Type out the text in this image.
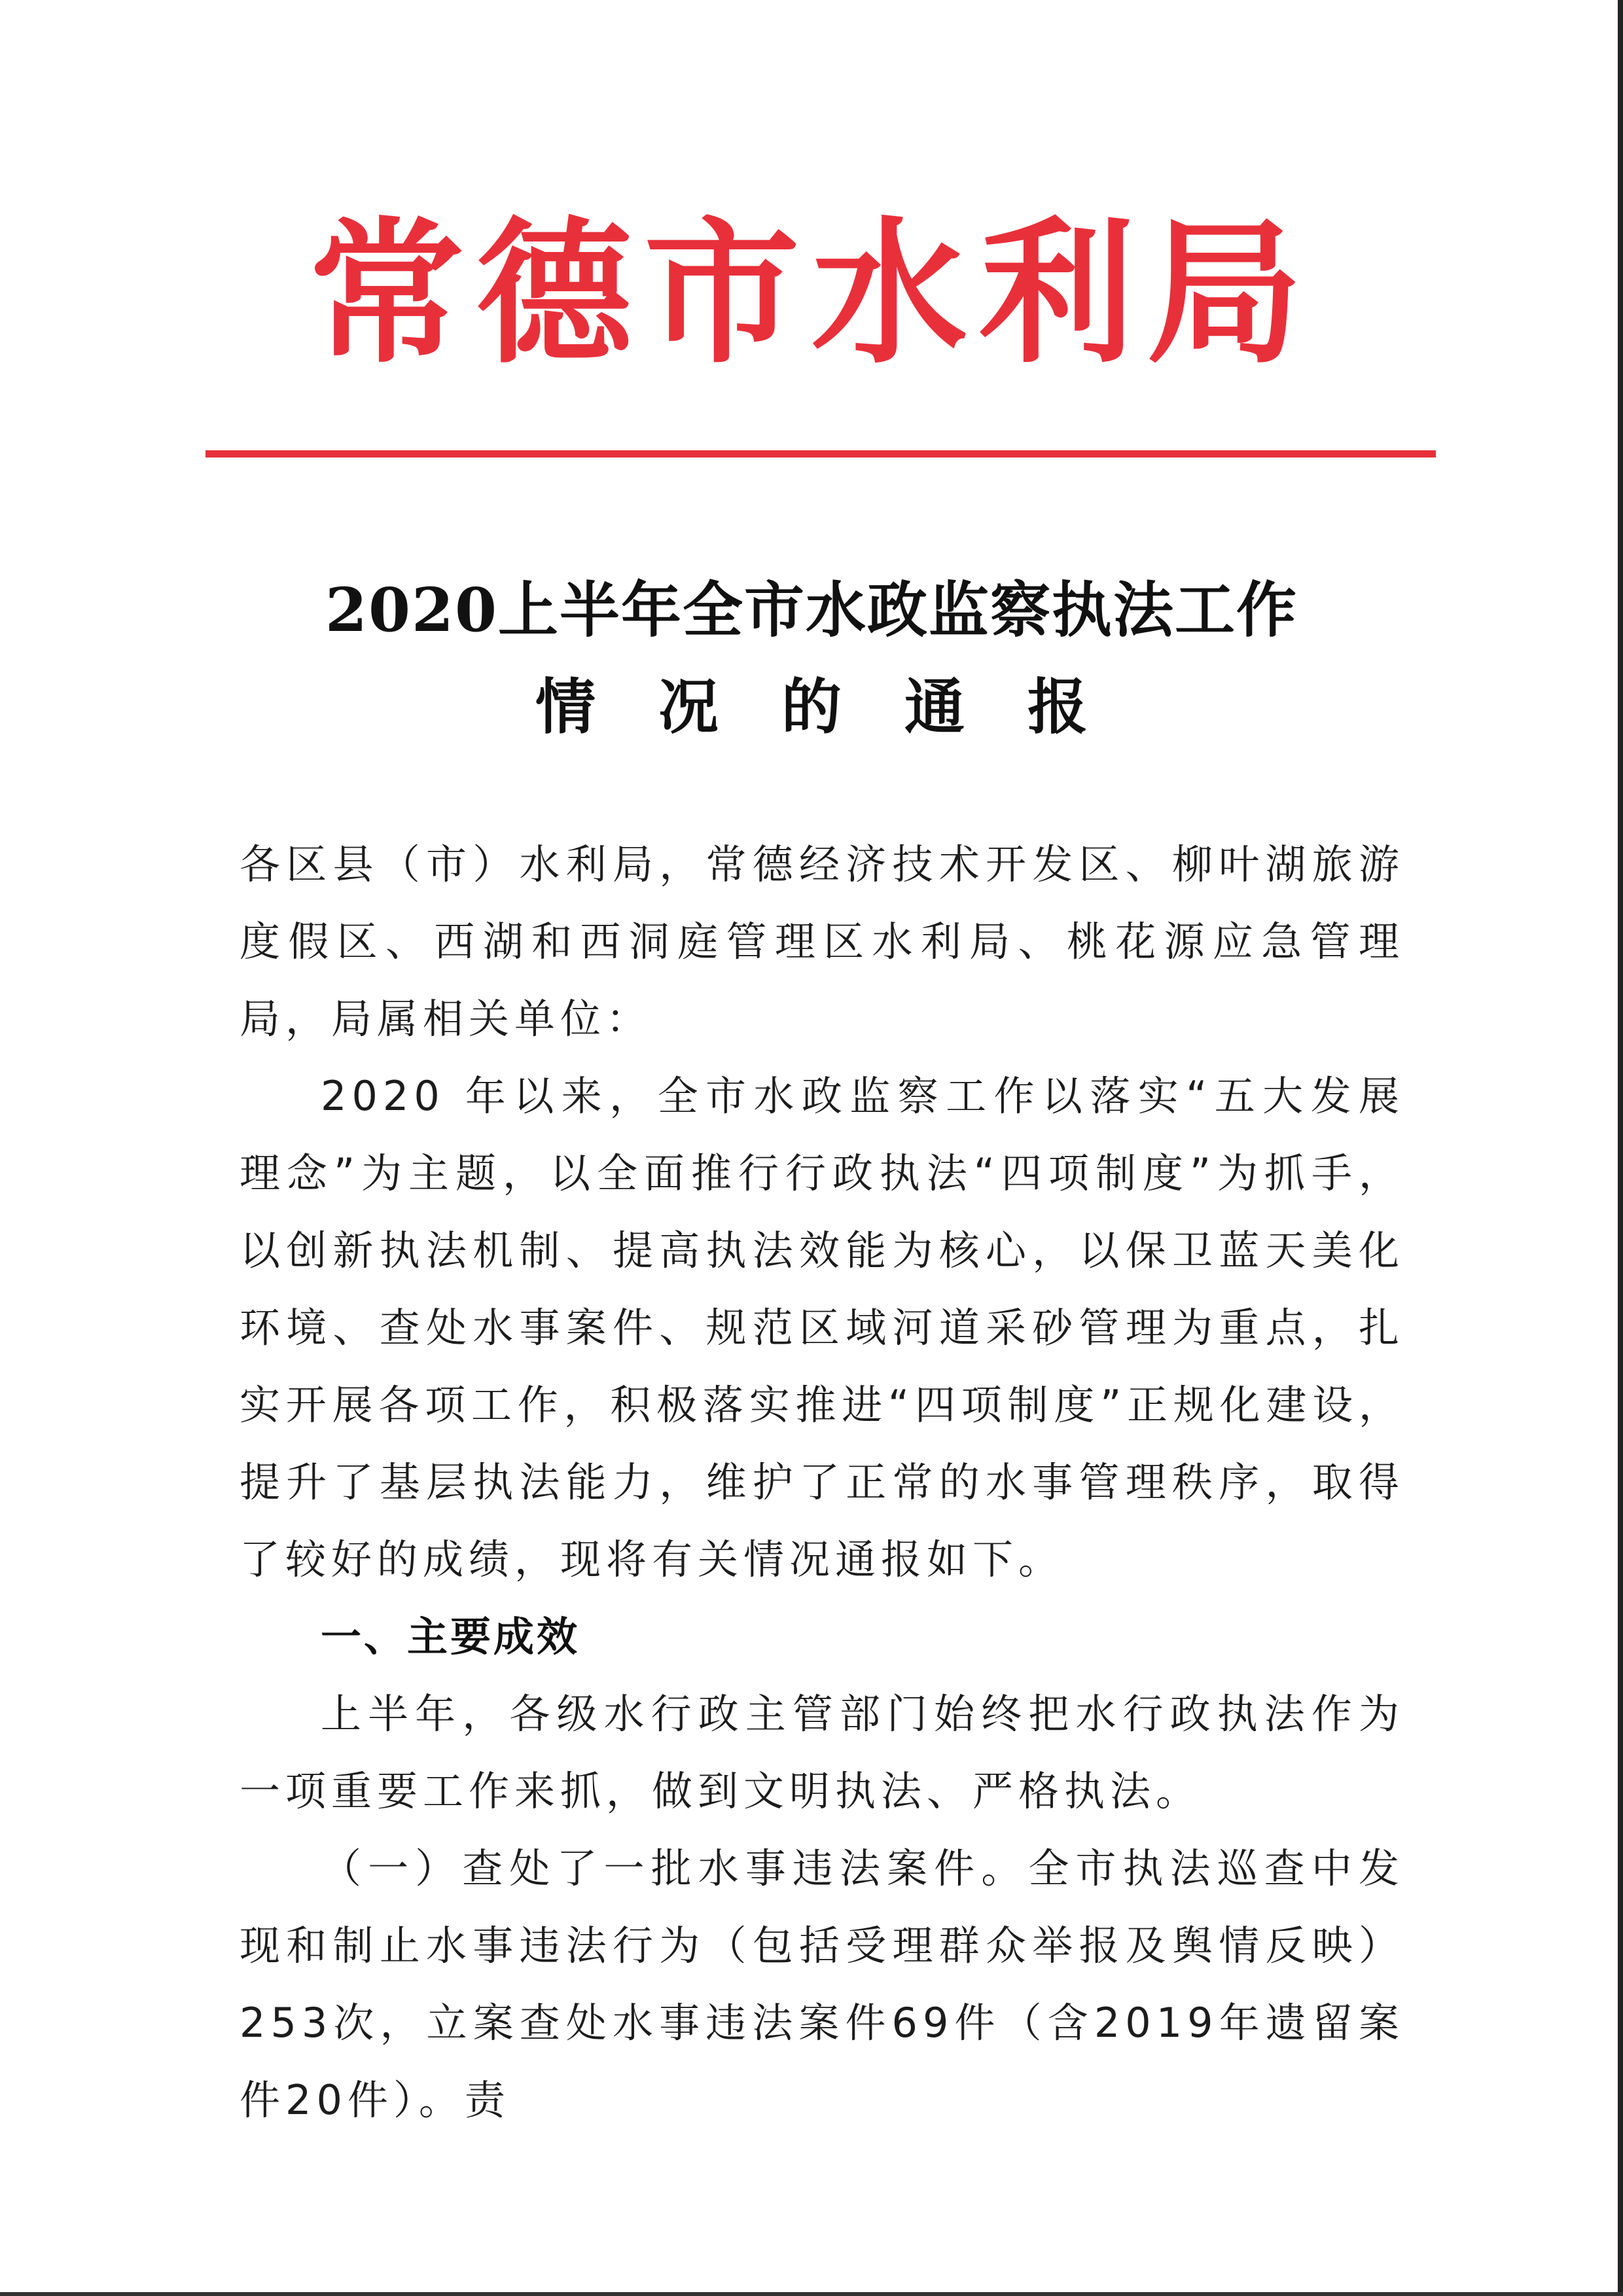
常德市水利局
2020上半年全市水政监察执法工作
情况的通报

各区县（市）水利局，常德经济技术开发区、柳叶湖旅游度假区、西湖和西洞庭管理区水利局、桃花源应急管理局，局属相关单位：

2020 年以来，全市水政监察工作以落实“五大发展理念”为主题，以全面推行行政执法“四项制度”为抓手，以创新执法机制、提高执法效能为核心，以保卫蓝天美化环境、查处水事案件、规范区域河道采砂管理为重点，扎实开展各项工作，积极落实推进“四项制度”正规化建设，提升了基层执法能力，维护了正常的水事管理秩序，取得了较好的成绩，现将有关情况通报如下。

一、主要成效

上半年，各级水行政主管部门始终把水行政执法作为一项重要工作来抓，做到文明执法、严格执法。

（一）查处了一批水事违法案件。全市执法巡查中发现和制止水事违法行为（包括受理群众举报及舆情反映）253次，立案查处水事违法案件69件（含2019年遗留案件20件）。责
